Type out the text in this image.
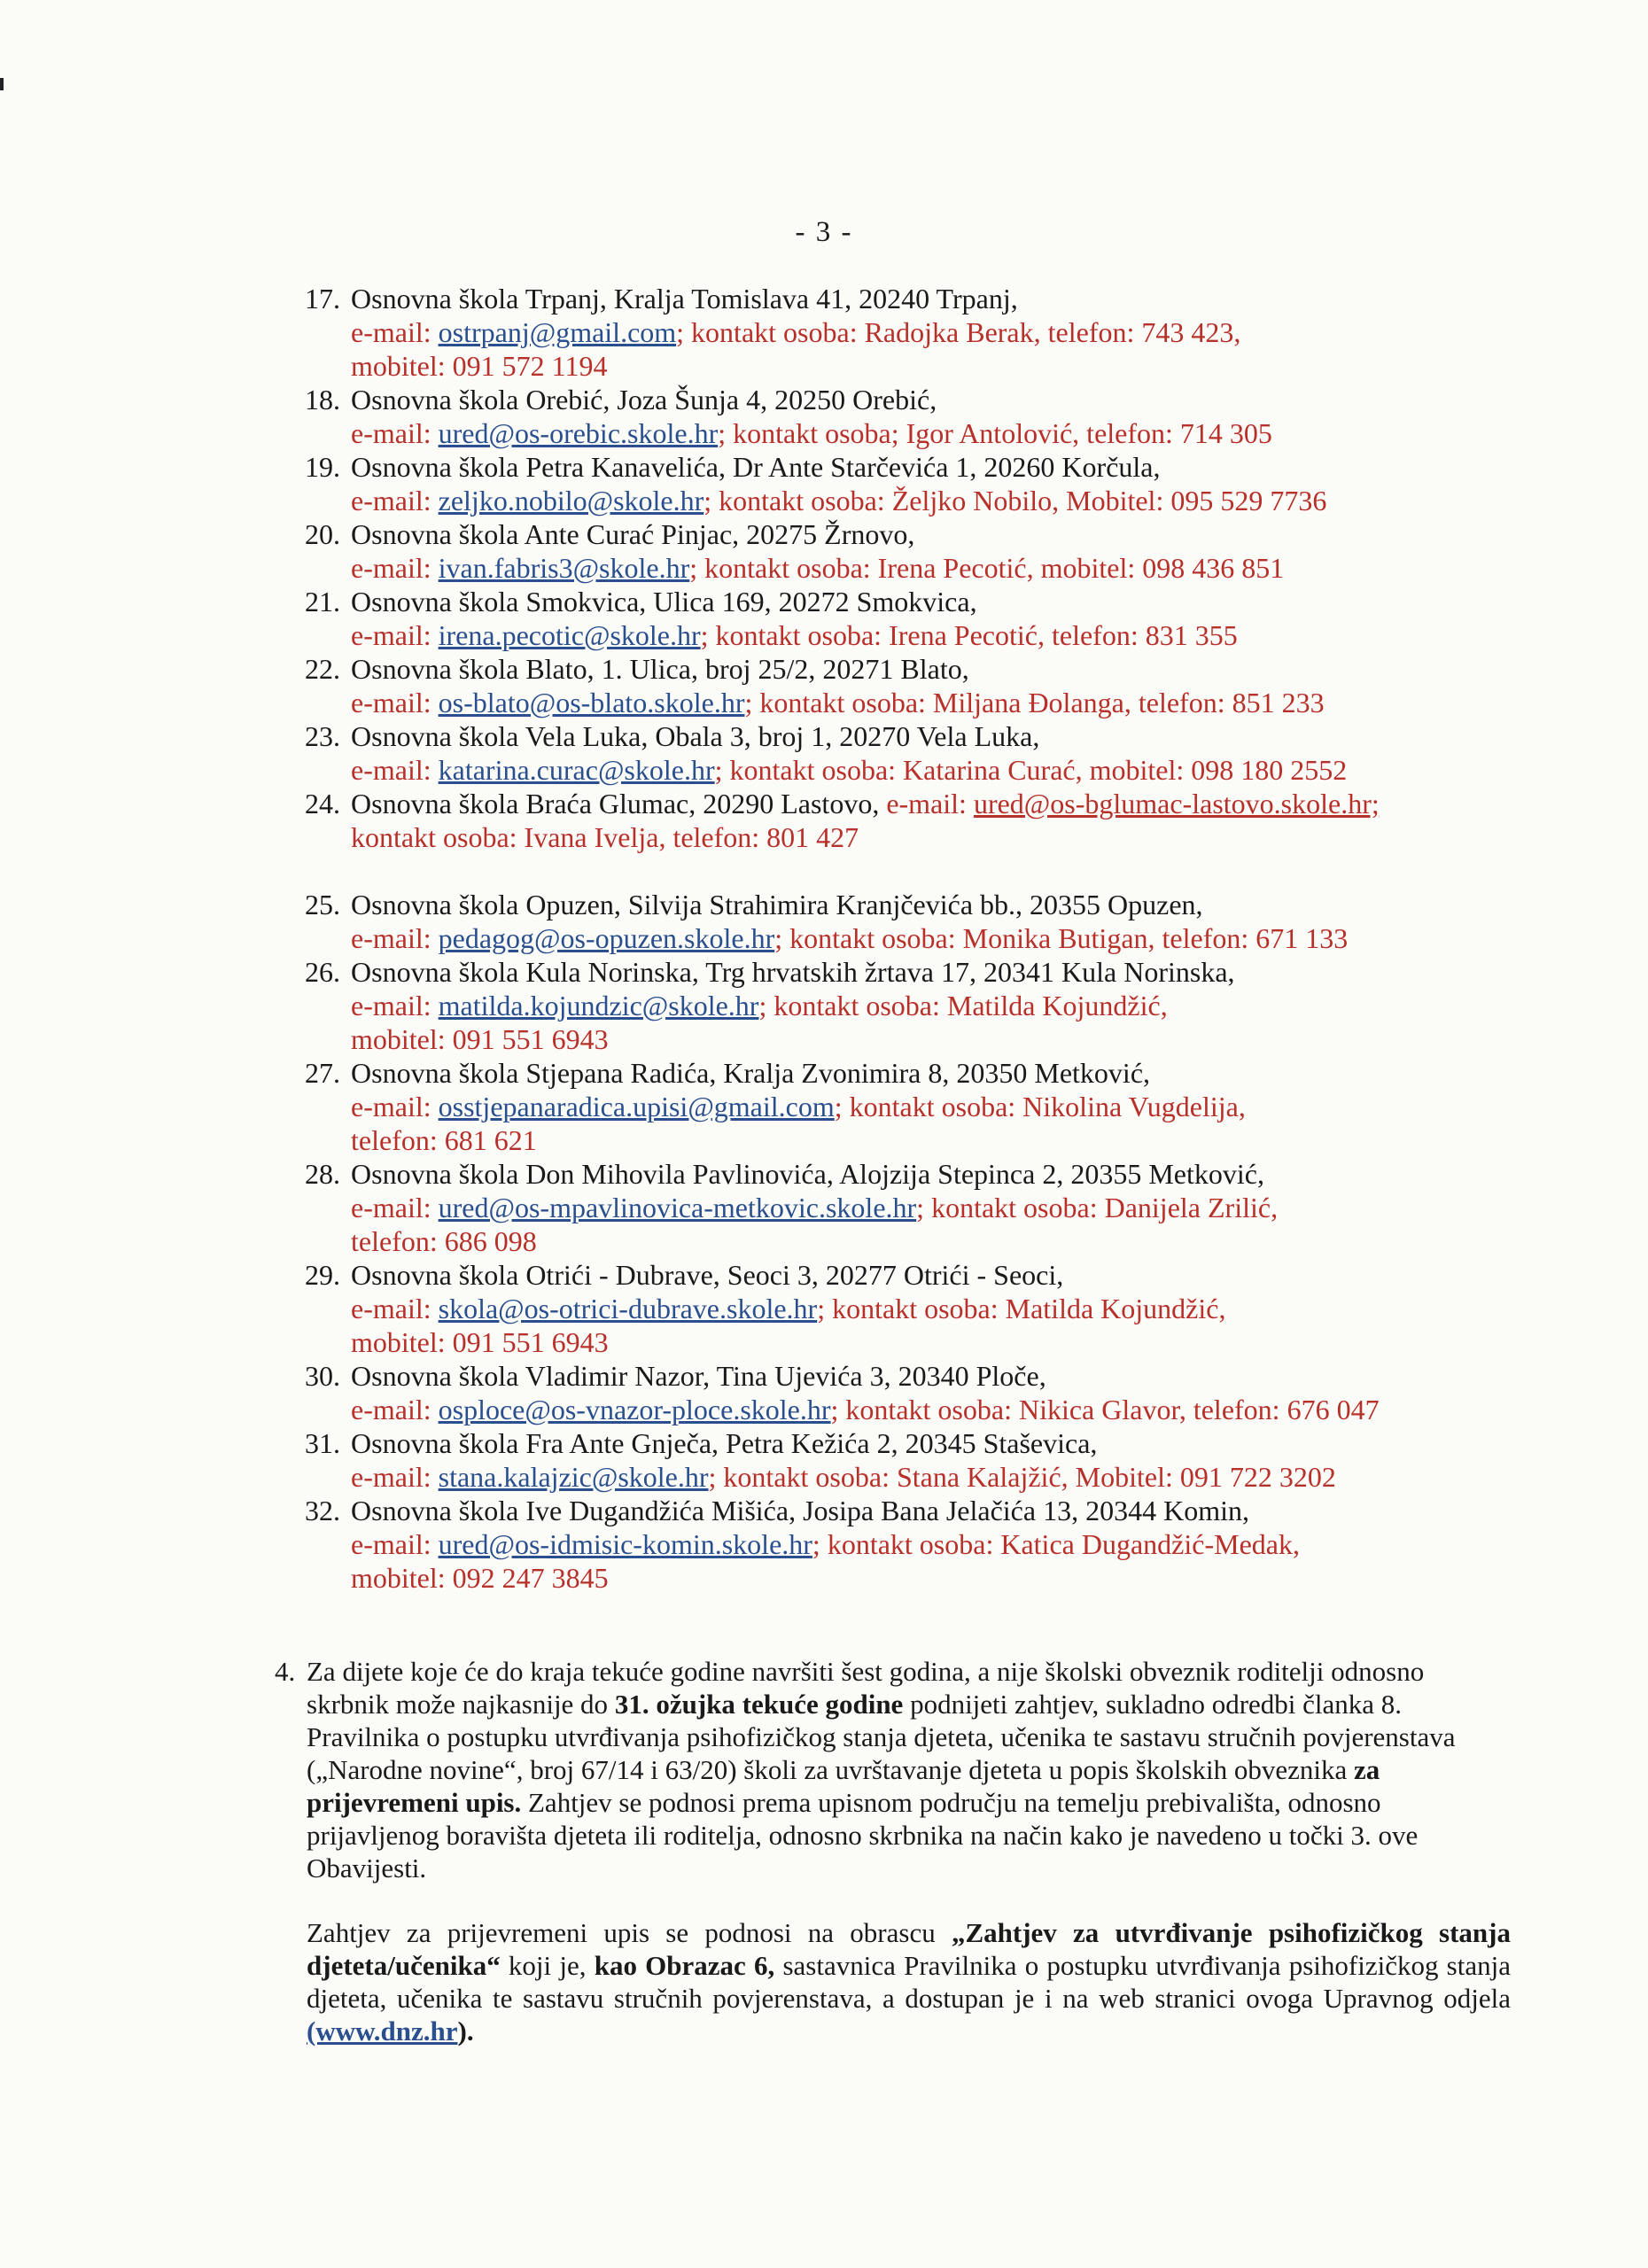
- 3 -
17. Osnovna škola Trpanj, Kralja Tomislava 41, 20240 Trpanj,
e-mail: ostrpanj@gmail.com; kontakt osoba: Radojka Berak, telefon: 743 423,
mobitel: 091 572 1194
18. Osnovna škola Orebić, Joza Šunja 4, 20250 Orebić,
e-mail: ured@os-orebic.skole.hr; kontakt osoba; Igor Antolović, telefon: 714 305
19. Osnovna škola Petra Kanavelića, Dr Ante Starčevića 1, 20260 Korčula,
e-mail: zeljko.nobilo@skole.hr; kontakt osoba: Željko Nobilo, Mobitel: 095 529 7736
20. Osnovna škola Ante Curać Pinjac, 20275 Žrnovo,
e-mail: ivan.fabris3@skole.hr; kontakt osoba: Irena Pecotić, mobitel: 098 436 851
21. Osnovna škola Smokvica, Ulica 169, 20272 Smokvica,
e-mail: irena.pecotic@skole.hr; kontakt osoba: Irena Pecotić, telefon: 831 355
22. Osnovna škola Blato, 1. Ulica, broj 25/2, 20271 Blato,
e-mail: os-blato@os-blato.skole.hr; kontakt osoba: Miljana Đolanga, telefon: 851 233
23. Osnovna škola Vela Luka, Obala 3, broj 1, 20270 Vela Luka,
e-mail: katarina.curac@skole.hr; kontakt osoba: Katarina Curać, mobitel: 098 180 2552
24. Osnovna škola Braća Glumac, 20290 Lastovo, e-mail: ured@os-bglumac-lastovo.skole.hr;
kontakt osoba: Ivana Ivelja, telefon: 801 427
25. Osnovna škola Opuzen, Silvija Strahimira Kranjčevića bb., 20355 Opuzen,
e-mail: pedagog@os-opuzen.skole.hr; kontakt osoba: Monika Butigan, telefon: 671 133
26. Osnovna škola Kula Norinska, Trg hrvatskih žrtava 17, 20341 Kula Norinska,
e-mail: matilda.kojundzic@skole.hr; kontakt osoba: Matilda Kojundžić,
mobitel: 091 551 6943
27. Osnovna škola Stjepana Radića, Kralja Zvonimira 8, 20350 Metković,
e-mail: osstjepanaradica.upisi@gmail.com; kontakt osoba: Nikolina Vugdelija,
telefon: 681 621
28. Osnovna škola Don Mihovila Pavlinovića, Alojzija Stepinca 2, 20355 Metković,
e-mail: ured@os-mpavlinovica-metkovic.skole.hr; kontakt osoba: Danijela Zrilić,
telefon: 686 098
29. Osnovna škola Otrići - Dubrave, Seoci 3, 20277 Otrići - Seoci,
e-mail: skola@os-otrici-dubrave.skole.hr; kontakt osoba: Matilda Kojundžić,
mobitel: 091 551 6943
30. Osnovna škola Vladimir Nazor, Tina Ujevića 3, 20340 Ploče,
e-mail: osploce@os-vnazor-ploce.skole.hr; kontakt osoba: Nikica Glavor, telefon: 676 047
31. Osnovna škola Fra Ante Gnječa, Petra Kežića 2, 20345 Staševica,
e-mail: stana.kalajzic@skole.hr; kontakt osoba: Stana Kalajžić, Mobitel: 091 722 3202
32. Osnovna škola Ive Dugandžića Mišića, Josipa Bana Jelačića 13, 20344 Komin,
e-mail: ured@os-idmisic-komin.skole.hr; kontakt osoba: Katica Dugandžić-Medak,
mobitel: 092 247 3845
4. Za dijete koje će do kraja tekuće godine navršiti šest godina, a nije školski obveznik roditelji odnosno skrbnik može najkasnije do 31. ožujka tekuće godine podnijeti zahtjev, sukladno odredbi članka 8. Pravilnika o postupku utvrđivanja psihofizičkog stanja djeteta, učenika te sastavu stručnih povjerenstava („Narodne novine“, broj 67/14 i 63/20) školi za uvrštavanje djeteta u popis školskih obveznika za prijevremeni upis. Zahtjev se podnosi prema upisnom području na temelju prebivališta, odnosno prijavljenog boravišta djeteta ili roditelja, odnosno skrbnika na način kako je navedeno u točki 3. ove Obavijesti.

Zahtjev za prijevremeni upis se podnosi na obrascu „Zahtjev za utvrđivanje psihofizičkog stanja djeteta/učenika“ koji je, kao Obrazac 6, sastavnica Pravilnika o postupku utvrđivanja psihofizičkog stanja djeteta, učenika te sastavu stručnih povjerenstava, a dostupan je i na web stranici ovoga Upravnog odjela (www.dnz.hr).
